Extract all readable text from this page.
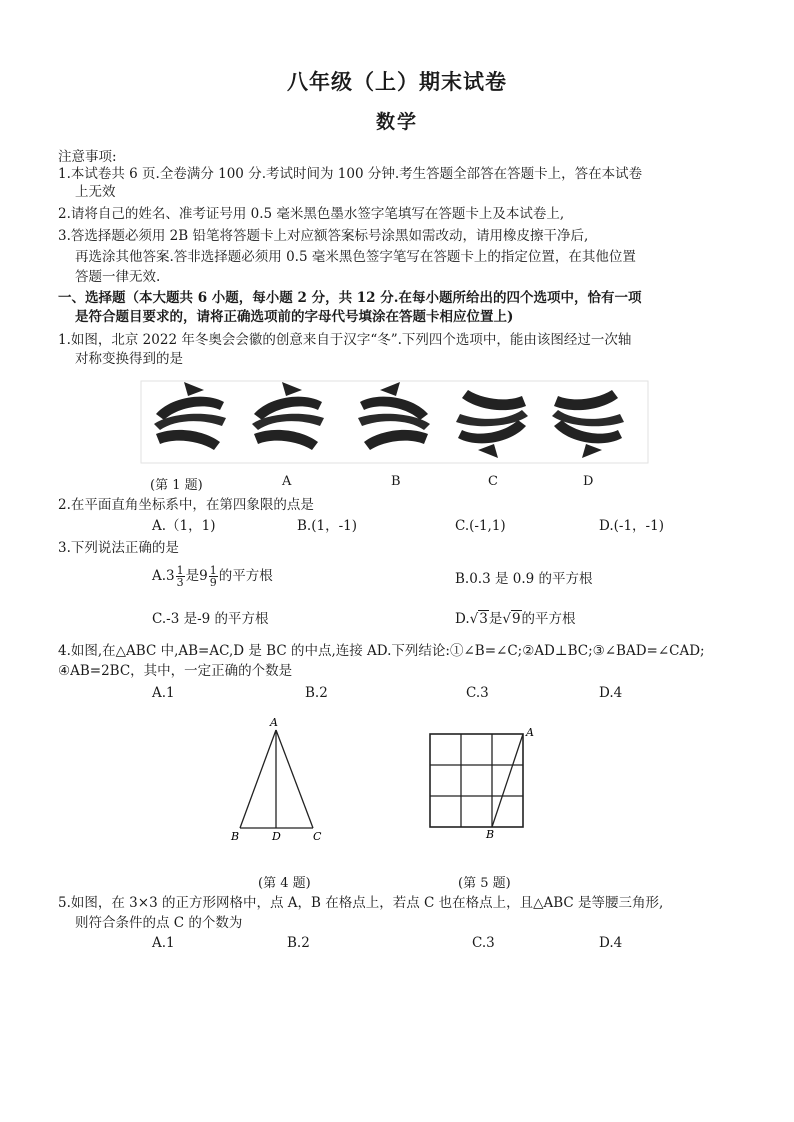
八年级（上）期末试卷
数学
注意事项:
1.本试卷共 6 页.全卷满分 100 分.考试时间为 100 分钟.考生答题全部答在答题卡上，答在本试卷
上无效
2.请将自己的姓名、准考证号用 0.5 毫米黑色墨水签字笔填写在答题卡上及本试卷上,
3.答选择题必须用 2B 铅笔将答题卡上对应额答案标号涂黑如需改动，请用橡皮擦干净后,
再选涂其他答案.答非选择题必须用 0.5 毫米黑色签字笔写在答题卡上的指定位置，在其他位置
答题一律无效.
一、选择题（本大题共 6 小题，每小题 2 分，共 12 分.在每小题所给出的四个选项中，恰有一项
是符合题目要求的，请将正确选项前的字母代号填涂在答题卡相应位置上)
1.如图，北京 2022 年冬奥会会徽的创意来自于汉字“冬”.下列四个选项中，能由该图经过一次轴
对称变换得到的是
(第 1 题)	A	B	C	D
2.在平面直角坐标系中，在第四象限的点是
A.（1，1)	B.(1，-1)	C.(-1,1)	D.(-1，-1)
3.下列说法正确的是
$A.3 \frac{1}{3}$ 是$9 \frac{1}{9}$ 的平方根	B.0.3 是 0.9 的平方根
C.-3 是-9 的平方根	D.√3是√9的平方根
4.如图,在△ABC 中,AB=AC,D 是 BC 的中点,连接 AD.下列结论:①∠B=∠C;②AD⊥BC;③∠BAD=∠CAD;
④AB=2BC，其中，一定正确的个数是
A.1	B.2	C.3	D.4
A
B	D	C
A
B
(第 4 题)	(第 5 题)
5.如图，在 3×3 的正方形网格中，点 A，B 在格点上，若点 C 也在格点上，且△ABC 是等腰三角形,
则符合条件的点 C 的个数为
A.1	B.2	C.3	D.4
